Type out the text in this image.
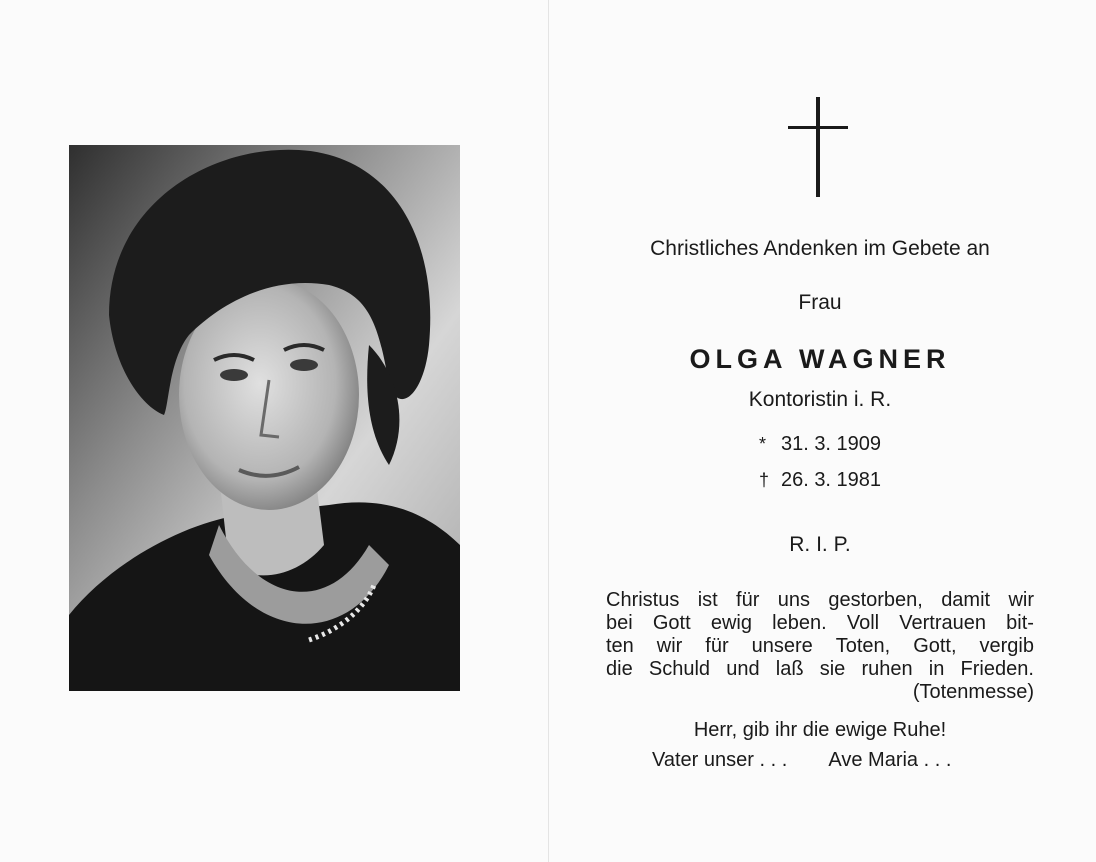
Christliches Andenken im Gebete an

Frau

OLGA WAGNER

Kontoristin i. R.

* 31. 3. 1909
† 26. 3. 1981

R. I. P.

Christus ist für uns gestorben, damit wir
bei Gott ewig leben. Voll Vertrauen bit-
ten wir für unsere Toten, Gott, vergib
die Schuld und laß sie ruhen in Frieden.
(Totenmesse)
Herr, gib ihr die ewige Ruhe!
Vater unser . . . Ave Maria . . .
